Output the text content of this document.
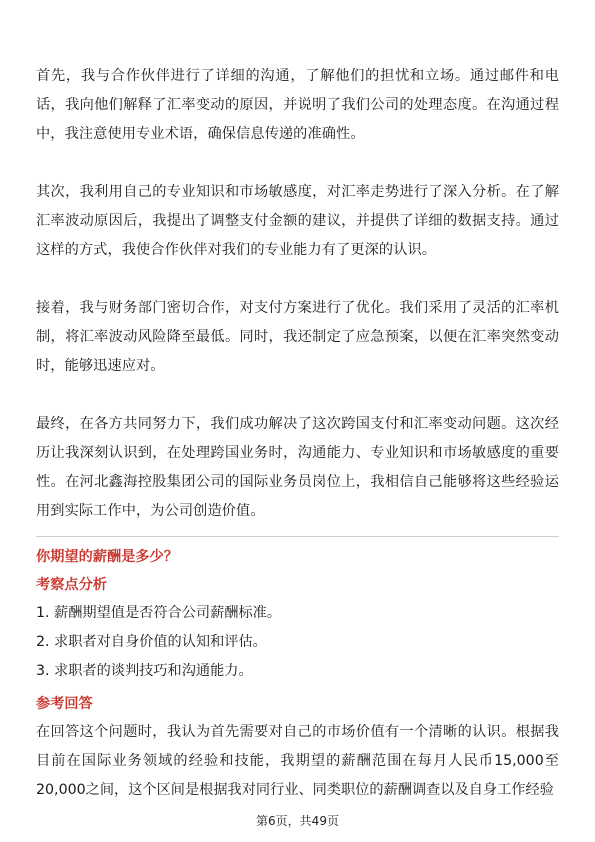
首先，我与合作伙伴进行了详细的沟通，了解他们的担忧和立场。通过邮件和电话，我向他们解释了汇率变动的原因，并说明了我们公司的处理态度。在沟通过程中，我注意使用专业术语，确保信息传递的准确性。

其次，我利用自己的专业知识和市场敏感度，对汇率走势进行了深入分析。在了解汇率波动原因后，我提出了调整支付金额的建议，并提供了详细的数据支持。通过这样的方式，我使合作伙伴对我们的专业能力有了更深的认识。

接着，我与财务部门密切合作，对支付方案进行了优化。我们采用了灵活的汇率机制，将汇率波动风险降至最低。同时，我还制定了应急预案，以便在汇率突然变动时，能够迅速应对。

最终，在各方共同努力下，我们成功解决了这次跨国支付和汇率变动问题。这次经历让我深刻认识到，在处理跨国业务时，沟通能力、专业知识和市场敏感度的重要性。在河北鑫海控股集团公司的国际业务员岗位上，我相信自己能够将这些经验运用到实际工作中，为公司创造价值。

你期望的薪酬是多少？

考察点分析

1. 薪酬期望值是否符合公司薪酬标准。

2. 求职者对自身价值的认知和评估。

3. 求职者的谈判技巧和沟通能力。

参考回答

在回答这个问题时，我认为首先需要对自己的市场价值有一个清晰的认识。根据我目前在国际业务领域的经验和技能，我期望的薪酬范围在每月人民币15,000至20,000之间，这个区间是根据我对同行业、同类职位的薪酬调查以及自身工作经验

第6页，共49页
